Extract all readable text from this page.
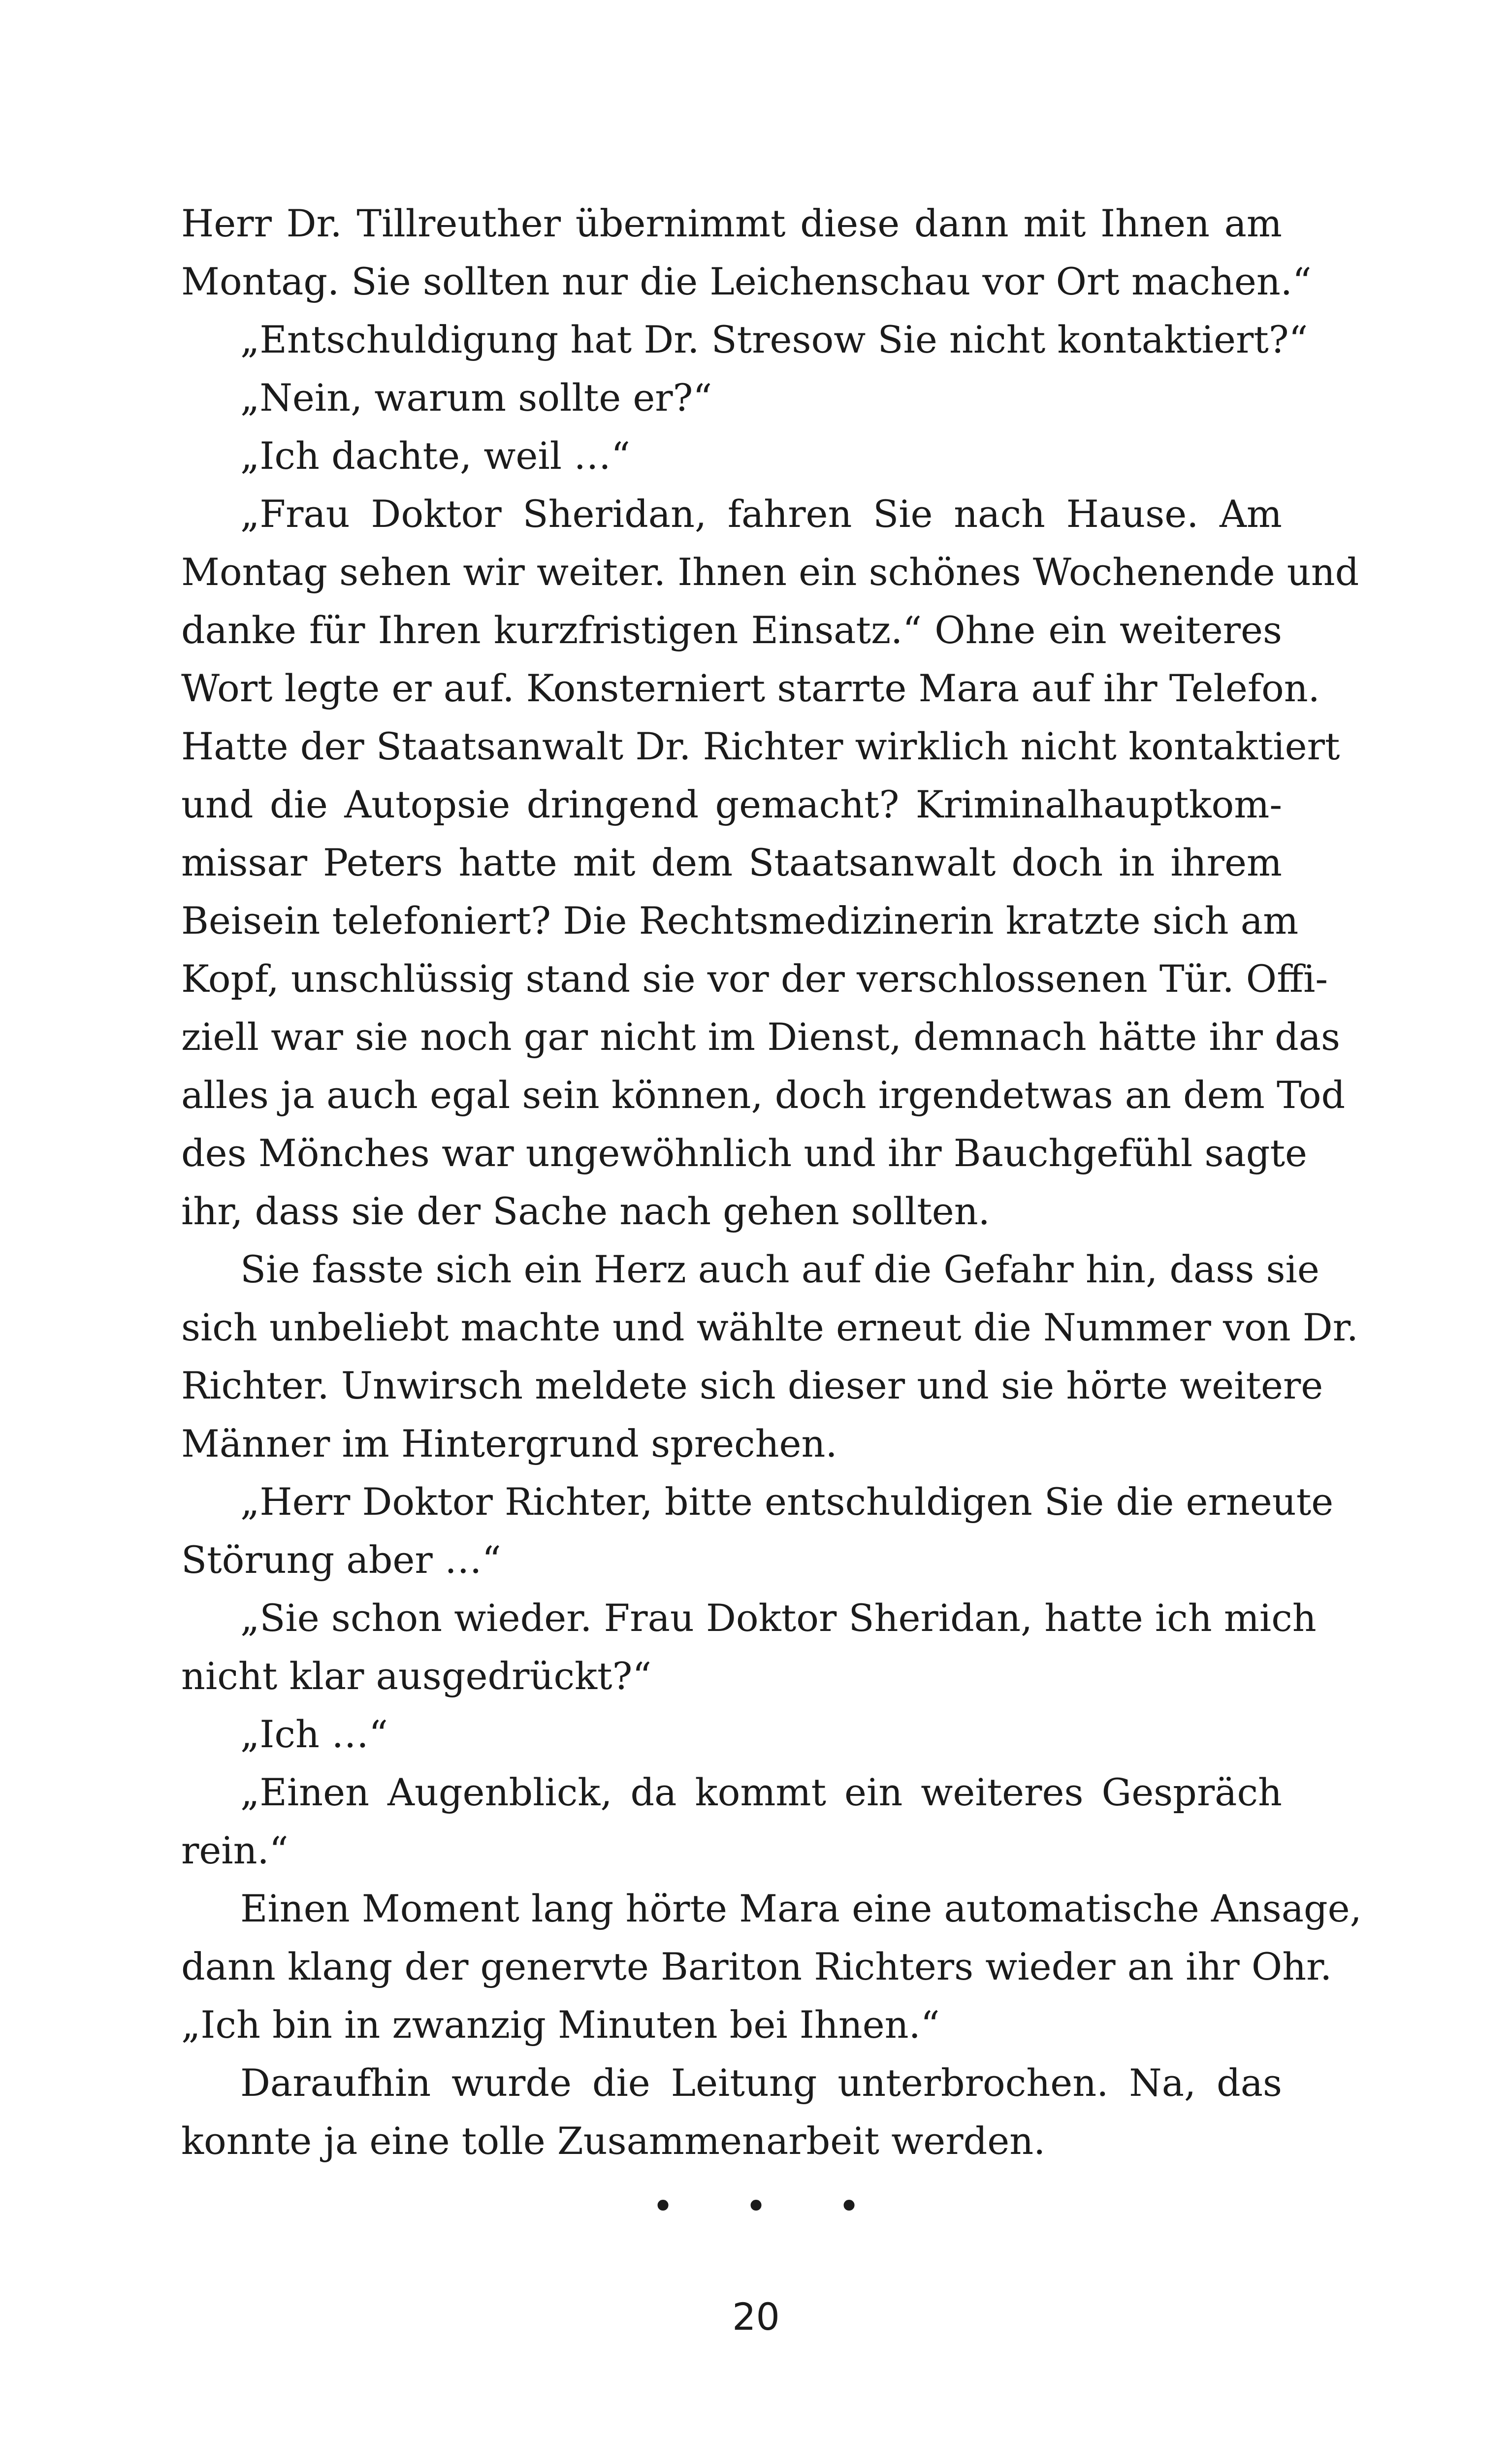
Herr Dr. Tillreuther übernimmt diese dann mit Ihnen am
Montag. Sie sollten nur die Leichenschau vor Ort machen.“
„Entschuldigung hat Dr. Stresow Sie nicht kontaktiert?“
„Nein, warum sollte er?“
„Ich dachte, weil …“
„Frau Doktor Sheridan, fahren Sie nach Hause. Am
Montag sehen wir weiter. Ihnen ein schönes Wochenende und
danke für Ihren kurzfristigen Einsatz.“ Ohne ein weiteres
Wort legte er auf. Konsterniert starrte Mara auf ihr Telefon.
Hatte der Staatsanwalt Dr. Richter wirklich nicht kontaktiert
und die Autopsie dringend gemacht? Kriminalhauptkom-
missar Peters hatte mit dem Staatsanwalt doch in ihrem
Beisein telefoniert? Die Rechtsmedizinerin kratzte sich am
Kopf, unschlüssig stand sie vor der verschlossenen Tür. Offi-
ziell war sie noch gar nicht im Dienst, demnach hätte ihr das
alles ja auch egal sein können, doch irgendetwas an dem Tod
des Mönches war ungewöhnlich und ihr Bauchgefühl sagte
ihr, dass sie der Sache nach gehen sollten.
Sie fasste sich ein Herz auch auf die Gefahr hin, dass sie
sich unbeliebt machte und wählte erneut die Nummer von Dr.
Richter. Unwirsch meldete sich dieser und sie hörte weitere
Männer im Hintergrund sprechen.
„Herr Doktor Richter, bitte entschuldigen Sie die erneute
Störung aber …“
„Sie schon wieder. Frau Doktor Sheridan, hatte ich mich
nicht klar ausgedrückt?“
„Ich …“
„Einen Augenblick, da kommt ein weiteres Gespräch
rein.“
Einen Moment lang hörte Mara eine automatische Ansage,
dann klang der genervte Bariton Richters wieder an ihr Ohr.
„Ich bin in zwanzig Minuten bei Ihnen.“
Daraufhin wurde die Leitung unterbrochen. Na, das
konnte ja eine tolle Zusammenarbeit werden.
• • •
20
